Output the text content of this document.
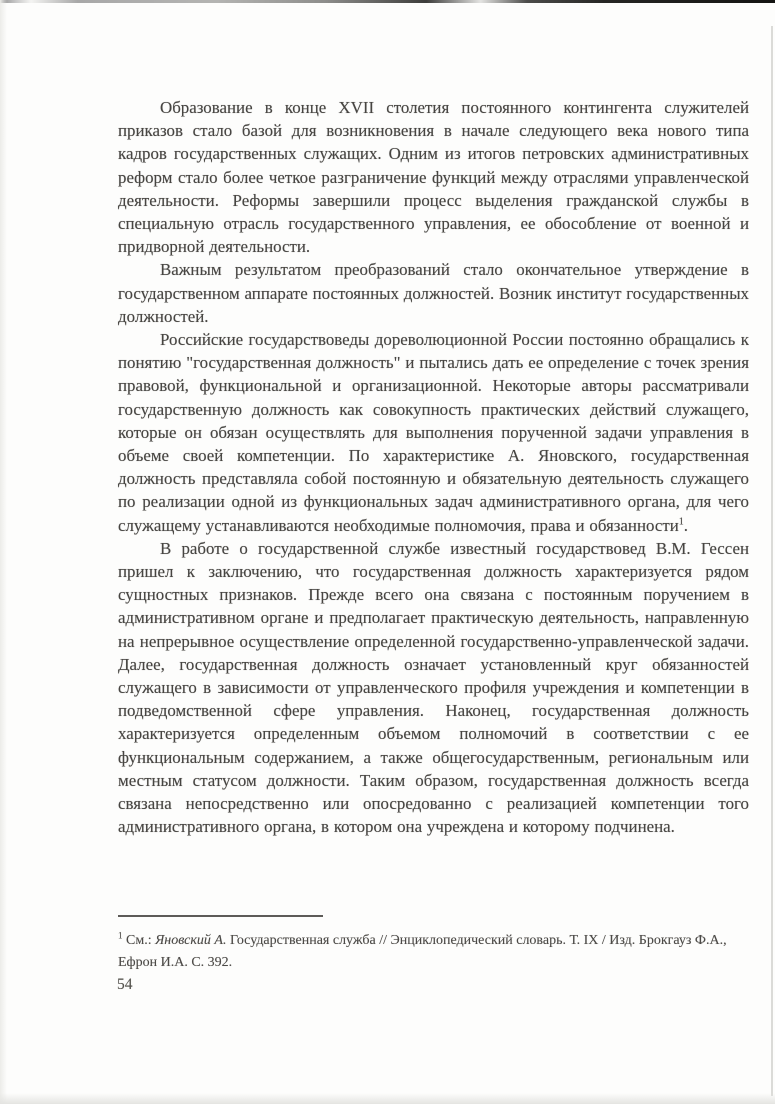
Образование в конце XVII столетия постоянного контингента служителей приказов стало базой для возникновения в начале следующего века нового типа кадров государственных служащих. Одним из итогов петровских административных реформ стало более четкое разграничение функций между отраслями управленческой деятельности. Реформы завершили процесс выделения гражданской службы в специальную отрасль государственного управления, ее обособление от военной и придворной деятельности.

Важным результатом преобразований стало окончательное утверждение в государственном аппарате постоянных должностей. Возник институт государственных должностей.

Российские государствоведы дореволюционной России постоянно обращались к понятию "государственная должность" и пытались дать ее определение с точек зрения правовой, функциональной и организационной. Некоторые авторы рассматривали государственную должность как совокупность практических действий служащего, которые он обязан осуществлять для выполнения порученной задачи управления в объеме своей компетенции. По характеристике А. Яновского, государственная должность представляла собой постоянную и обязательную деятельность служащего по реализации одной из функциональных задач административного органа, для чего служащему устанавливаются необходимые полномочия, права и обязанности$^1$.

В работе о государственной службе известный государствовед В.М. Гессен пришел к заключению, что государственная должность характеризуется рядом сущностных признаков. Прежде всего она связана с постоянным поручением в административном органе и предполагает практическую деятельность, направленную на непрерывное осуществление определенной государственно-управленческой задачи. Далее, государственная должность означает установленный круг обязанностей служащего в зависимости от управленческого профиля учреждения и компетенции в подведомственной сфере управления. Наконец, государственная должность характеризуется определенным объемом полномочий в соответствии с ее функциональным содержанием, а также общегосударственным, региональным или местным статусом должности. Таким образом, государственная должность всегда связана непосредственно или опосредованно с реализацией компетенции того административного органа, в котором она учреждена и которому подчинена.

$^1$ См.: Яновский А. Государственная служба // Энциклопедический словарь. Т. IX / Изд. Брокгауз Ф.А., Ефрон И.А. С. 392.
54
